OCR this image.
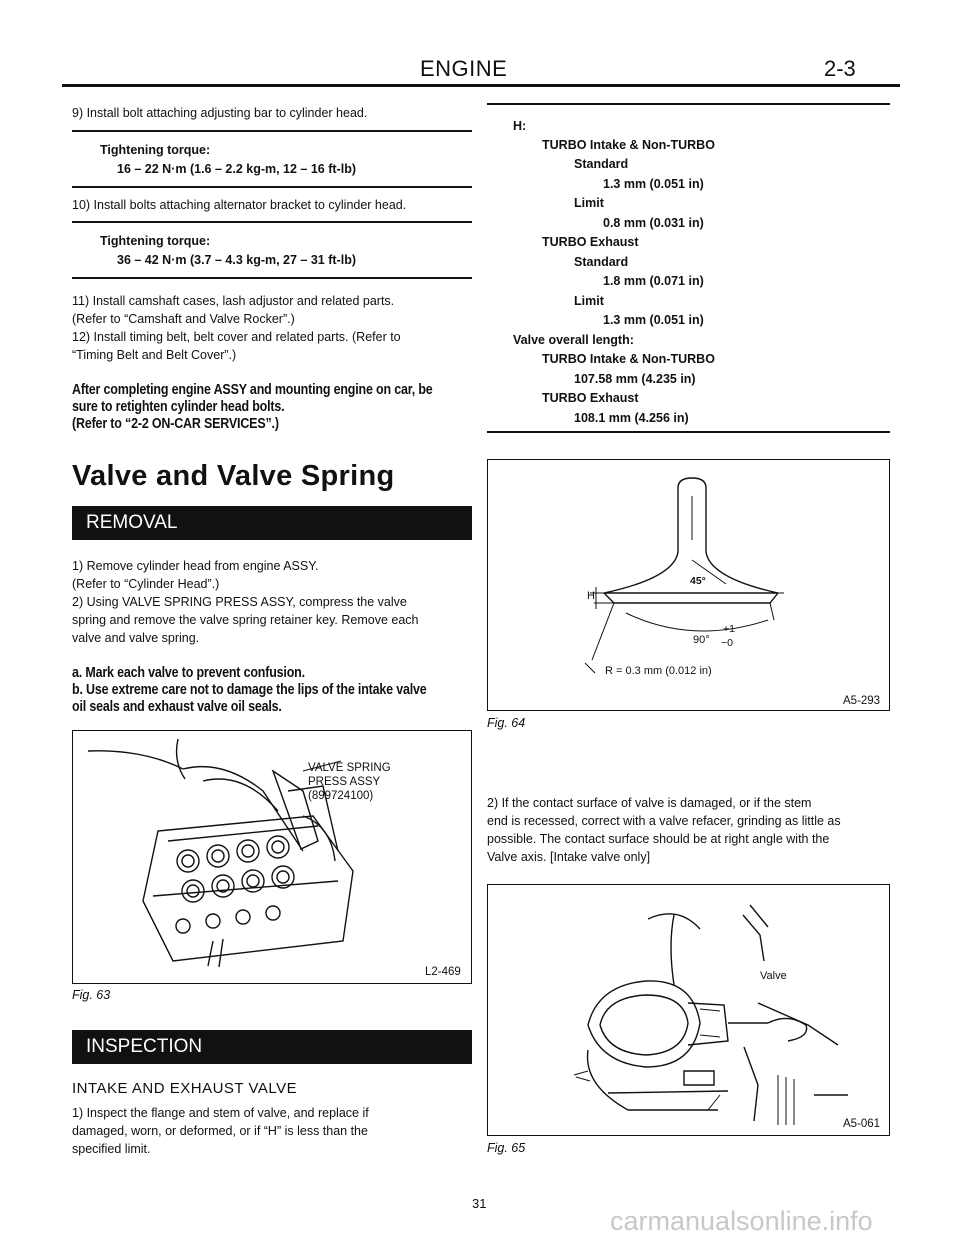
ENGINE	2-3
9) Install bolt attaching adjusting bar to cylinder head.
Tightening torque:
16 – 22 N·m (1.6 – 2.2 kg-m, 12 – 16 ft-lb)
10) Install bolts attaching alternator bracket to cylinder head.
Tightening torque:
36 – 42 N·m (3.7 – 4.3 kg-m, 27 – 31 ft-lb)
11) Install camshaft cases, lash adjustor and related parts.
(Refer to “Camshaft and Valve Rocker”.)
12) Install timing belt, belt cover and related parts. (Refer to
“Timing Belt and Belt Cover”.)
After completing engine ASSY and mounting engine on car, be
sure to retighten cylinder head bolts.
(Refer to “2-2 ON-CAR SERVICES”.)
Valve and Valve Spring
REMOVAL
1) Remove cylinder head from engine ASSY.
(Refer to “Cylinder Head”.)
2) Using VALVE SPRING PRESS ASSY, compress the valve
spring and remove the valve spring retainer key. Remove each
valve and valve spring.
a. Mark each valve to prevent confusion.
b. Use extreme care not to damage the lips of the intake valve
oil seals and exhaust valve oil seals.
VALVE SPRING
PRESS ASSY
(899724100)
L2-469
Fig. 63
INSPECTION
INTAKE AND EXHAUST VALVE
1) Inspect the flange and stem of valve, and replace if
damaged, worn, or deformed, or if “H” is less than the
specified limit.
H:
TURBO Intake & Non-TURBO
Standard
1.3 mm (0.051 in)
Limit
0.8 mm (0.031 in)
TURBO Exhaust
Standard
1.8 mm (0.071 in)
Limit
1.3 mm (0.051 in)
Valve overall length:
TURBO Intake & Non-TURBO
107.58 mm (4.235 in)
TURBO Exhaust
108.1 mm (4.256 in)
H
45°
90°
+1
−0
R = 0.3 mm (0.012 in)
A5-293
Fig. 64
2) If the contact surface of valve is damaged, or if the stem
end is recessed, correct with a valve refacer, grinding as little as
possible. The contact surface should be at right angle with the
Valve axis. [Intake valve only]
Valve
A5-061
Fig. 65
31
carmanualsonline.info
